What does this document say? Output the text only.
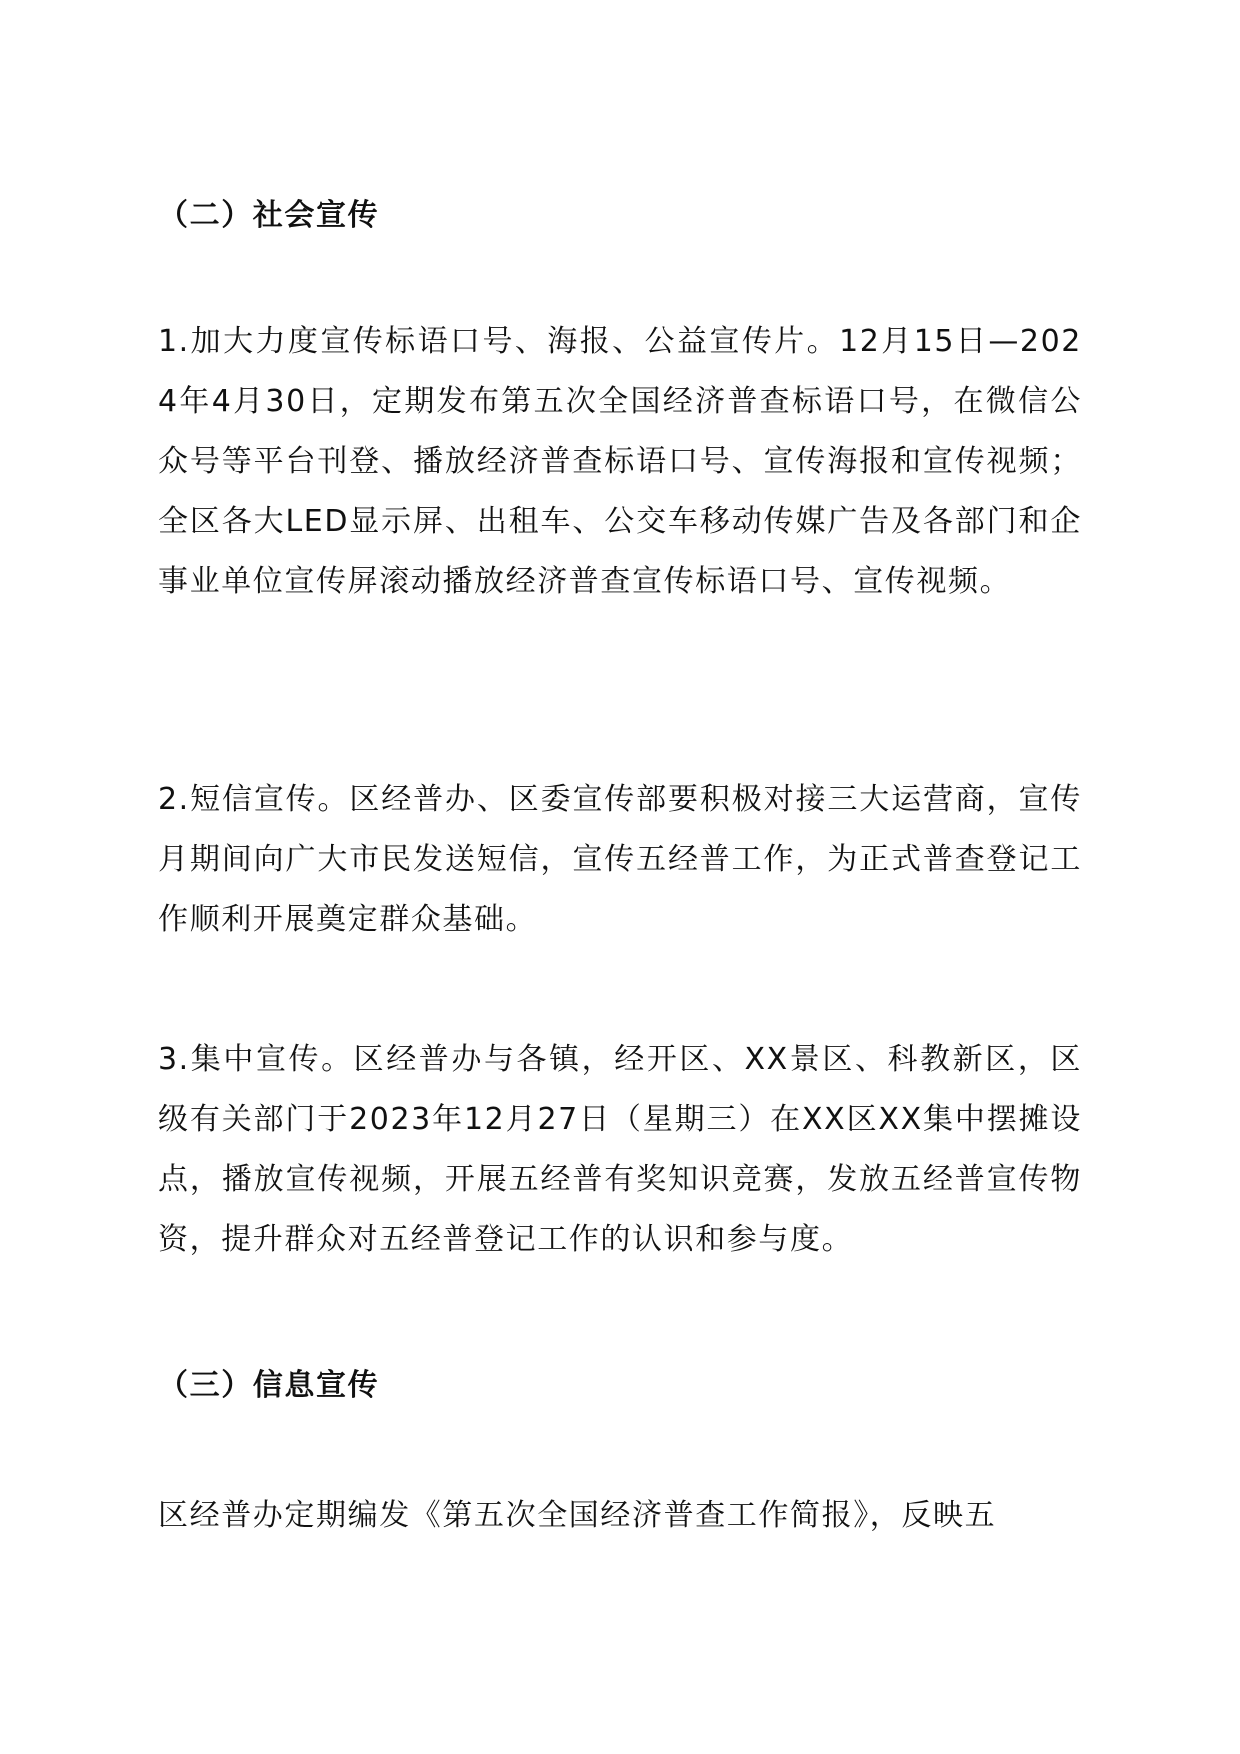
（二）社会宣传

1.加大力度宣传标语口号、海报、公益宣传片。12月15日—2024年4月30日，定期发布第五次全国经济普查标语口号，在微信公众号等平台刊登、播放经济普查标语口号、宣传海报和宣传视频；全区各大LED显示屏、出租车、公交车移动传媒广告及各部门和企事业单位宣传屏滚动播放经济普查宣传标语口号、宣传视频。

2.短信宣传。区经普办、区委宣传部要积极对接三大运营商，宣传月期间向广大市民发送短信，宣传五经普工作，为正式普查登记工作顺利开展奠定群众基础。

3.集中宣传。区经普办与各镇，经开区、XX景区、科教新区，区级有关部门于2023年12月27日（星期三）在XX区XX集中摆摊设点，播放宣传视频，开展五经普有奖知识竞赛，发放五经普宣传物资，提升群众对五经普登记工作的认识和参与度。

（三）信息宣传

区经普办定期编发《第五次全国经济普查工作简报》，反映五
